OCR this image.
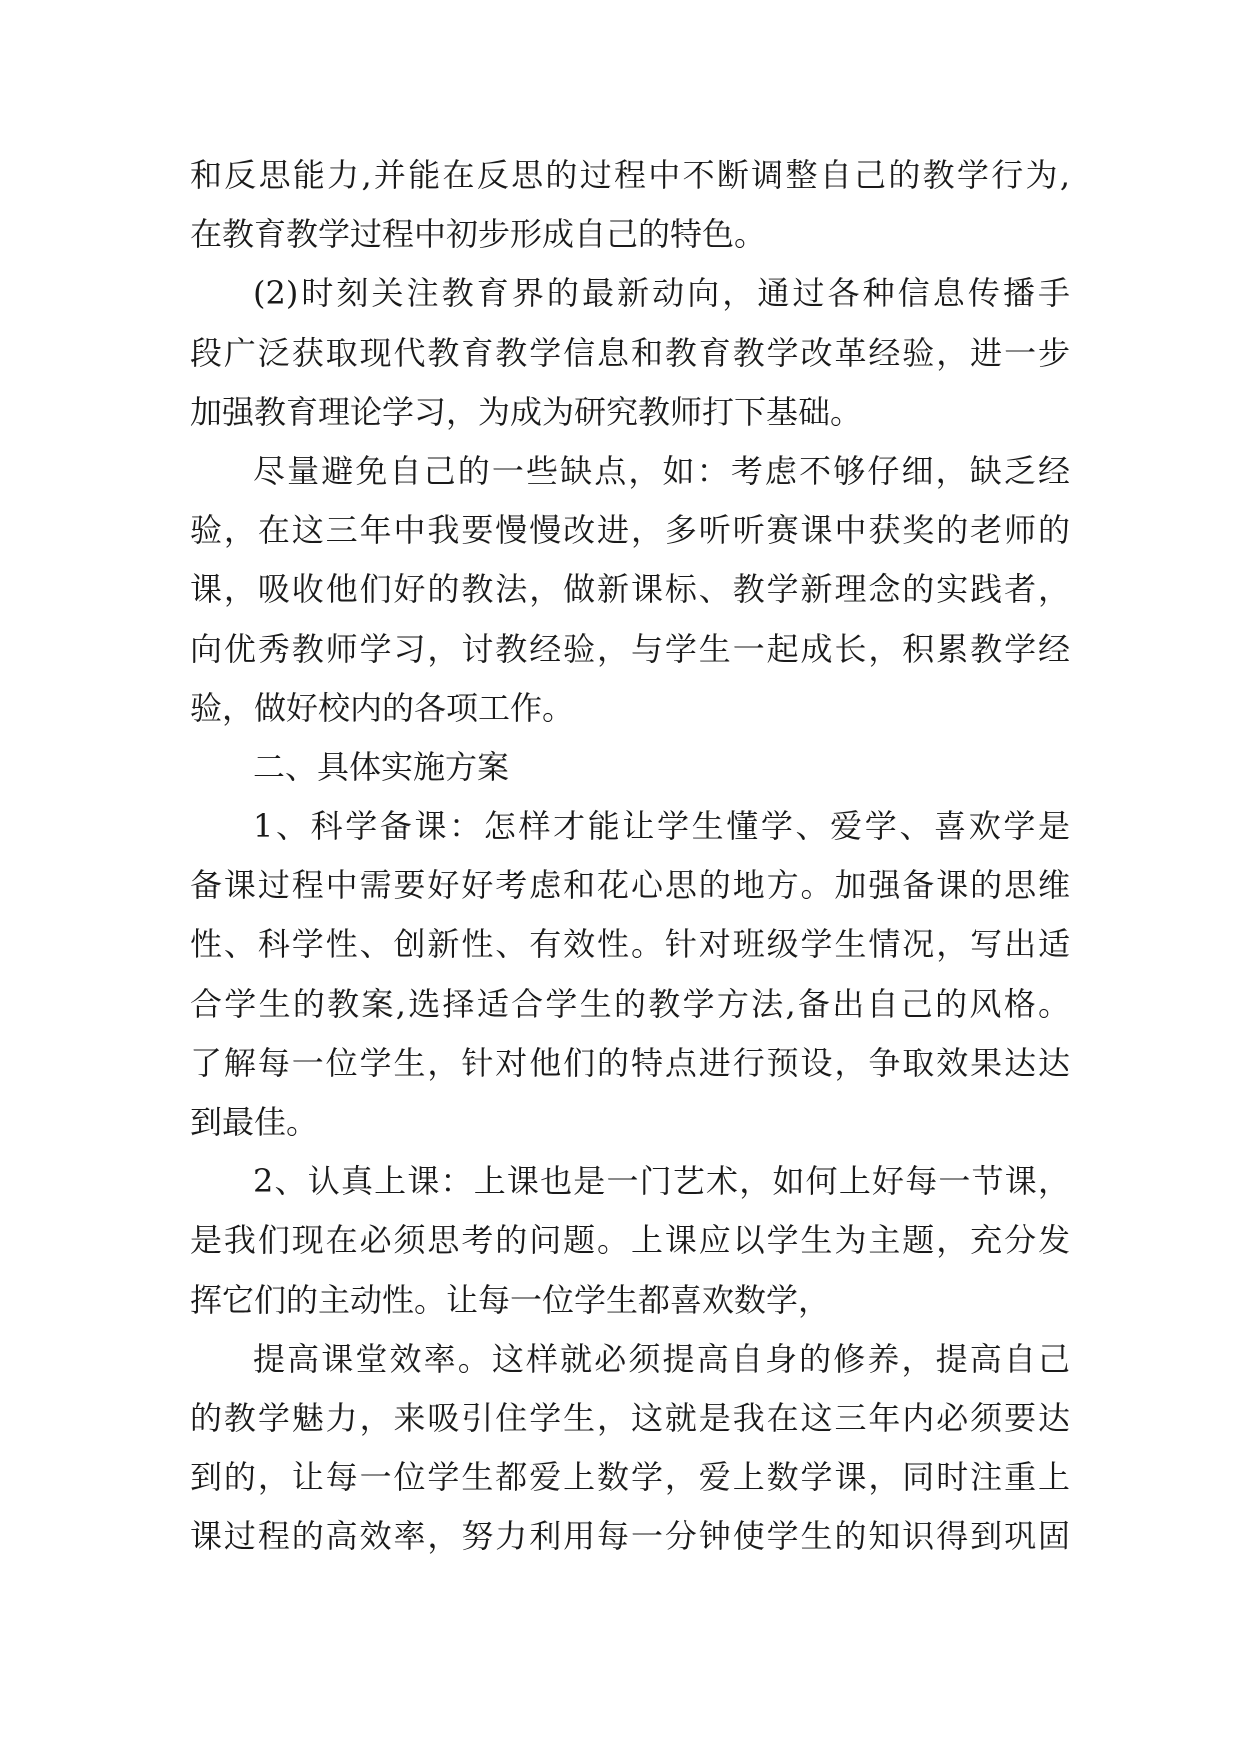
和反思能力,并能在反思的过程中不断调整自己的教学行为,
在教育教学过程中初步形成自己的特色。
(2)时刻关注教育界的最新动向，通过各种信息传播手
段广泛获取现代教育教学信息和教育教学改革经验，进一步
加强教育理论学习，为成为研究教师打下基础。
尽量避免自己的一些缺点，如：考虑不够仔细，缺乏经
验，在这三年中我要慢慢改进，多听听赛课中获奖的老师的
课，吸收他们好的教法，做新课标、教学新理念的实践者，
向优秀教师学习，讨教经验，与学生一起成长，积累教学经
验，做好校内的各项工作。
二、具体实施方案
1、科学备课：怎样才能让学生懂学、爱学、喜欢学是
备课过程中需要好好考虑和花心思的地方。加强备课的思维
性、科学性、创新性、有效性。针对班级学生情况，写出适
合学生的教案,选择适合学生的教学方法,备出自己的风格。
了解每一位学生，针对他们的特点进行预设，争取效果达达
到最佳。
2、认真上课：上课也是一门艺术，如何上好每一节课，
是我们现在必须思考的问题。上课应以学生为主题，充分发
挥它们的主动性。让每一位学生都喜欢数学，
提高课堂效率。这样就必须提高自身的修养，提高自己
的教学魅力，来吸引住学生，这就是我在这三年内必须要达
到的，让每一位学生都爱上数学，爱上数学课，同时注重上
课过程的高效率，努力利用每一分钟使学生的知识得到巩固
